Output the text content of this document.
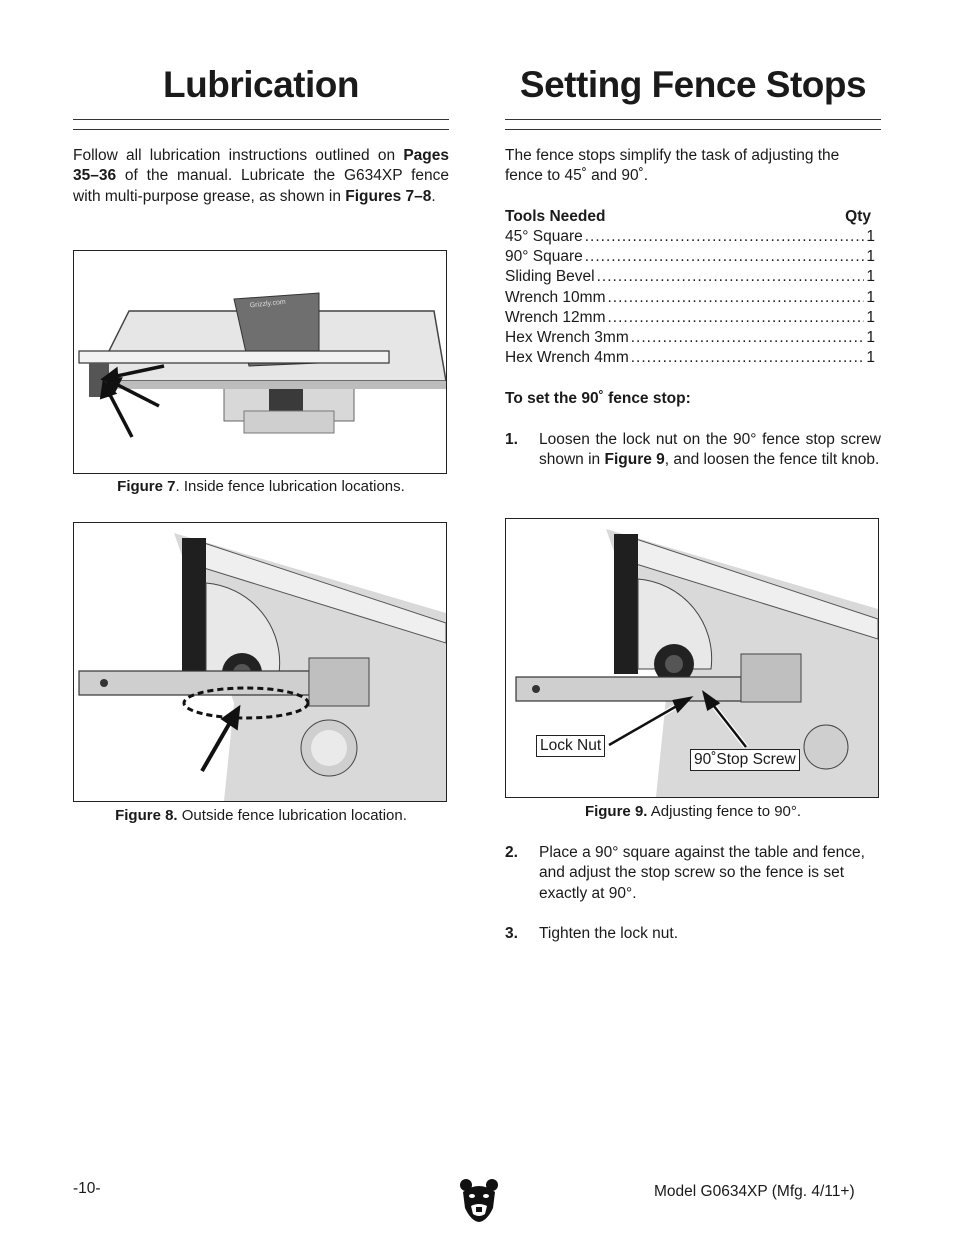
Lubrication

Follow all lubrication instructions outlined on Pages 35–36 of the manual. Lubricate the G634XP fence with multi-purpose grease, as shown in Figures 7–8.

Grizzly.com
Figure 7. Inside fence lubrication locations.
Figure 8. Outside fence lubrication location.
Setting Fence Stops

The fence stops simplify the task of adjusting the fence to 45˚ and 90˚.

Tools Needed	Qty
45° Square .....	1
90° Square .....	1
Sliding Bevel .....	1
Wrench 10mm .....	1
Wrench 12mm .....	1
Hex Wrench 3mm .....	1
Hex Wrench 4mm .....	1
To set the 90˚ fence stop:
1. Loosen the lock nut on the 90° fence stop screw shown in Figure 9, and loosen the fence tilt knob.
Lock Nut
90˚Stop Screw
Figure 9. Adjusting fence to 90°.
2. Place a 90° square against the table and fence, and adjust the stop screw so the fence is set exactly at 90°.
3. Tighten the lock nut.
-10-	Model G0634XP (Mfg. 4/11+)
